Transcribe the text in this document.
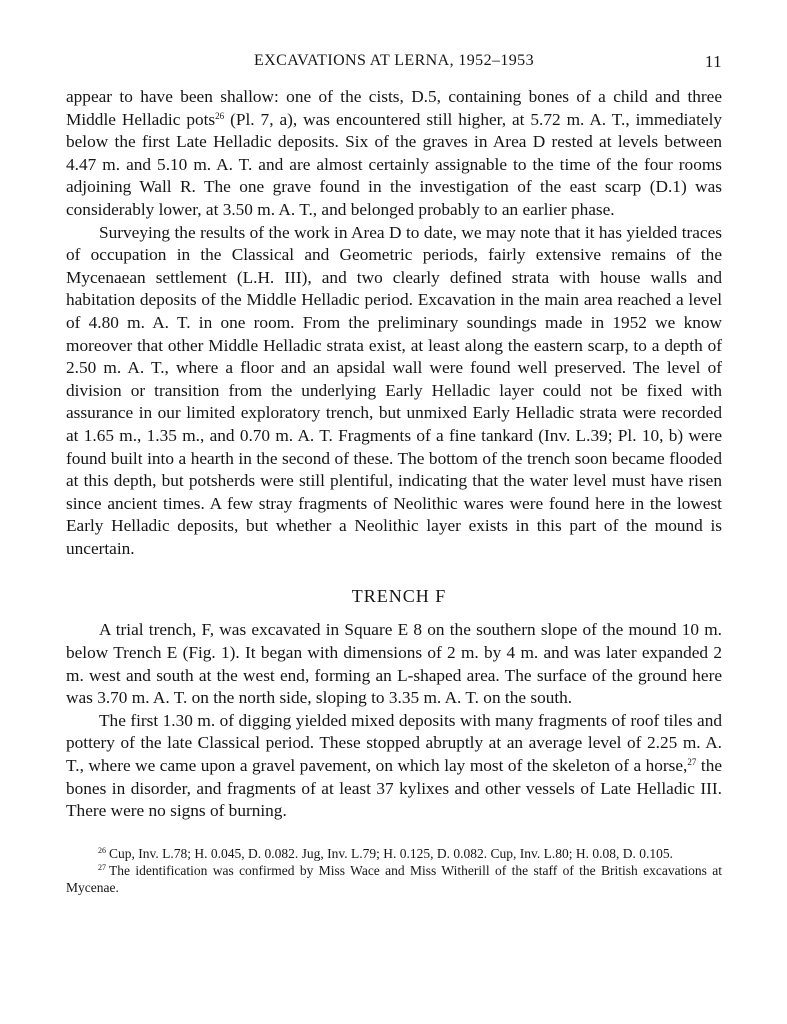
EXCAVATIONS AT LERNA, 1952–1953	11

appear to have been shallow: one of the cists, D.5, containing bones of a child and three Middle Helladic pots$^{26}$ (Pl. 7, a), was encountered still higher, at 5.72 m. A. T., immediately below the first Late Helladic deposits. Six of the graves in Area D rested at levels between 4.47 m. and 5.10 m. A. T. and are almost certainly assignable to the time of the four rooms adjoining Wall R. The one grave found in the investigation of the east scarp (D.1) was considerably lower, at 3.50 m. A. T., and belonged probably to an earlier phase.

Surveying the results of the work in Area D to date, we may note that it has yielded traces of occupation in the Classical and Geometric periods, fairly extensive remains of the Mycenaean settlement (L.H. III), and two clearly defined strata with house walls and habitation deposits of the Middle Helladic period. Excavation in the main area reached a level of 4.80 m. A. T. in one room. From the preliminary soundings made in 1952 we know moreover that other Middle Helladic strata exist, at least along the eastern scarp, to a depth of 2.50 m. A. T., where a floor and an apsidal wall were found well preserved. The level of division or transition from the underlying Early Helladic layer could not be fixed with assurance in our limited exploratory trench, but unmixed Early Helladic strata were recorded at 1.65 m., 1.35 m., and 0.70 m. A. T. Fragments of a fine tankard (Inv. L.39; Pl. 10, b) were found built into a hearth in the second of these. The bottom of the trench soon became flooded at this depth, but potsherds were still plentiful, indicating that the water level must have risen since ancient times. A few stray fragments of Neolithic wares were found here in the lowest Early Helladic deposits, but whether a Neolithic layer exists in this part of the mound is uncertain.

TRENCH F

A trial trench, F, was excavated in Square E 8 on the southern slope of the mound 10 m. below Trench E (Fig. 1). It began with dimensions of 2 m. by 4 m. and was later expanded 2 m. west and south at the west end, forming an L-shaped area. The surface of the ground here was 3.70 m. A. T. on the north side, sloping to 3.35 m. A. T. on the south.

The first 1.30 m. of digging yielded mixed deposits with many fragments of roof tiles and pottery of the late Classical period. These stopped abruptly at an average level of 2.25 m. A. T., where we came upon a gravel pavement, on which lay most of the skeleton of a horse,$^{27}$ the bones in disorder, and fragments of at least 37 kylixes and other vessels of Late Helladic III. There were no signs of burning.

$^{26}$ Cup, Inv. L.78; H. 0.045, D. 0.082. Jug, Inv. L.79; H. 0.125, D. 0.082. Cup, Inv. L.80; H. 0.08, D. 0.105.

$^{27}$ The identification was confirmed by Miss Wace and Miss Witherill of the staff of the British excavations at Mycenae.
